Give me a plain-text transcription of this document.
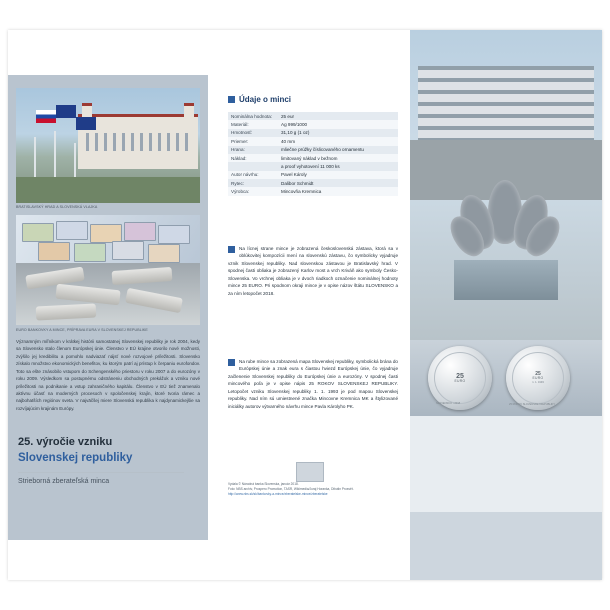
BRATISLAVSKÝ HRAD A SLOVENSKÁ VLAJKA
EURO BANKOVKY A MINCE, PRÍPRAVA EURA V SLOVENSKEJ REPUBLIKE
Významným míľnikom v krátkej histórii samostatnej Slovenskej republiky je rok 2004, kedy sa Slovensko stalo členom Európskej únie. Členstvo v EÚ krajine otvorilo nové možnosti, zvýšilo jej kredibilitu a pomohlo nadviazať nájsť nové rozvojové príležitosti. Slovensko získalo množstvo ekonomických benefitov, ku ktorým patrí aj prístup k čerpaniu eurofondov. Toto sa ešte znásobilo vstupom do Schengenského priestoru v roku 2007 a do eurozóny v roku 2009. Výsledkom sa postupnému odstráneniu obchodných prekážok a vzniku nové príležitosti na podnikanie a vstup zahraničného kapitálu. Členstvo v EÚ tiež znamenalo aktívnu účasť na moderných procesoch v spoločenskej krajín, ktoré tvoria rámec a najbohatších regiónov sveta. V najväčšej miere Slovenská republika k najdynamickejšie sa rozvíjajúcim krajinám Európy.
Údaje o minci
Nominálna hodnota:	25 eur
Materiál:	Ag 999/1000
Hmotnosť:	31,10 g (1 oz)
Priemer:	40 mm
Hrana:	mliečne prúžky číslicovaného ornamentu
Náklad:	limitovaný náklad v bežnom
	a proof vyhotovení 11 000 ks
Autor návrhu:	Pavel Károly
Rytec:	Dalibor Schmidt
Výrobca:	Mincovňa Kremnica
Na lícnej strane mince je zobrazená československá zástava, ktorá sa v oblúkovitej kompozícii mení na slovenskú zástavu, čo symbolicky vyjadruje vznik Slovenskej republiky. Nad slovenskou zástavou je Bratislavský hrad. V spodnej časti obliaka je zobrazený Karlov most a vrch Kriváň ako symboly Česko-Slovenska. Vo vrchnej obliaka je v dvoch riadkoch označenie nominálnej hodnoty mince 25 EURO. Pri spodnom okraji mince je v opise názov štátu SLOVENSKO a za ním letopočet 2018.
Na rube mince sa zobrazená mapa Slovenskej republiky, symbolická brána do Európskej únie a znak eura s čiastou hviezd Európskej únie, čo vyjadruje začlenenie Slovenskej republiky do Európskej únie a eurozóny. V spodnej časti mincového poľa je v opise nápis 25 ROKOV SLOVENSKEJ REPUBLIKY. Letopočet vzniku Slovenskej republiky 1. 1. 1993 je pod mapou Slovenskej republiky. Nad ním sú umiestnené značka Mincovne Kremnica MK a štylizované iniciálky autorov výtvarného návrhu mince Pavla Károlyho PK.
Vydala © Národná banka Slovenska, január 2018.
Foto: NBS archív, Prospero Promotion, TASR, Wikimedia/Juraj Horanka, Dibutin Prosvět.
http://www.nbs.sk/sk/bankovky-a-mince/zberatelske-mince/zberatelske
25
EURO
SLOVENSKO • 2018
25
EURO
1. 1. 1993
25 ROKOV SLOVENSKEJ REPUBLIKY
25. výročie vzniku
Slovenskej republiky
Strieborná zberateľská minca
